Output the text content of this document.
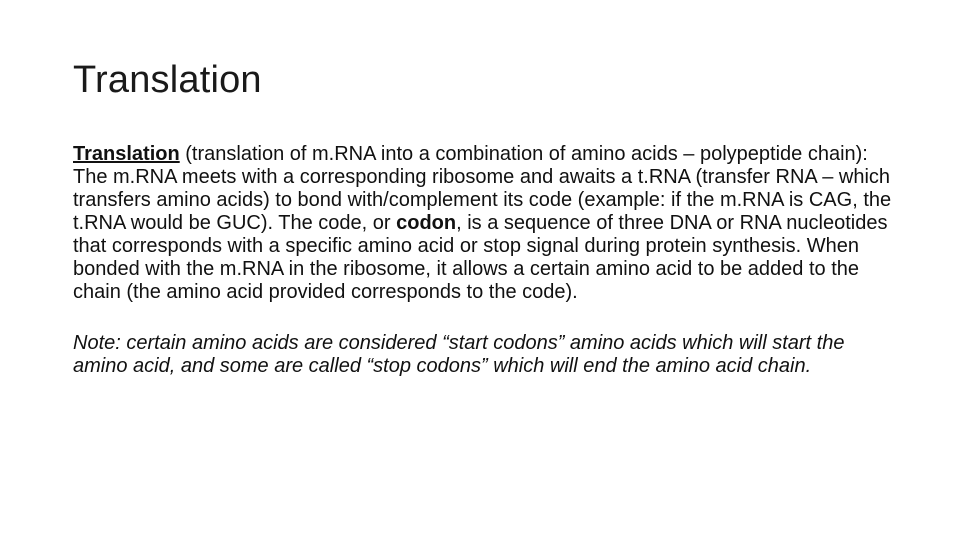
Translation

Translation (translation of m.RNA into a combination of amino acids – polypeptide chain):

The m.RNA meets with a corresponding ribosome and awaits a t.RNA (transfer RNA – which transfers amino acids) to bond with/complement its code (example: if the m.RNA is CAG, the t.RNA would be GUC). The code, or codon, is a sequence of three DNA or RNA nucleotides that corresponds with a specific amino acid or stop signal during protein synthesis. When bonded with the m.RNA in the ribosome, it allows a certain amino acid to be added to the chain (the amino acid provided corresponds to the code).

Note: certain amino acids are considered “start codons” amino acids which will start the amino acid, and some are called “stop codons” which will end the amino acid chain.
